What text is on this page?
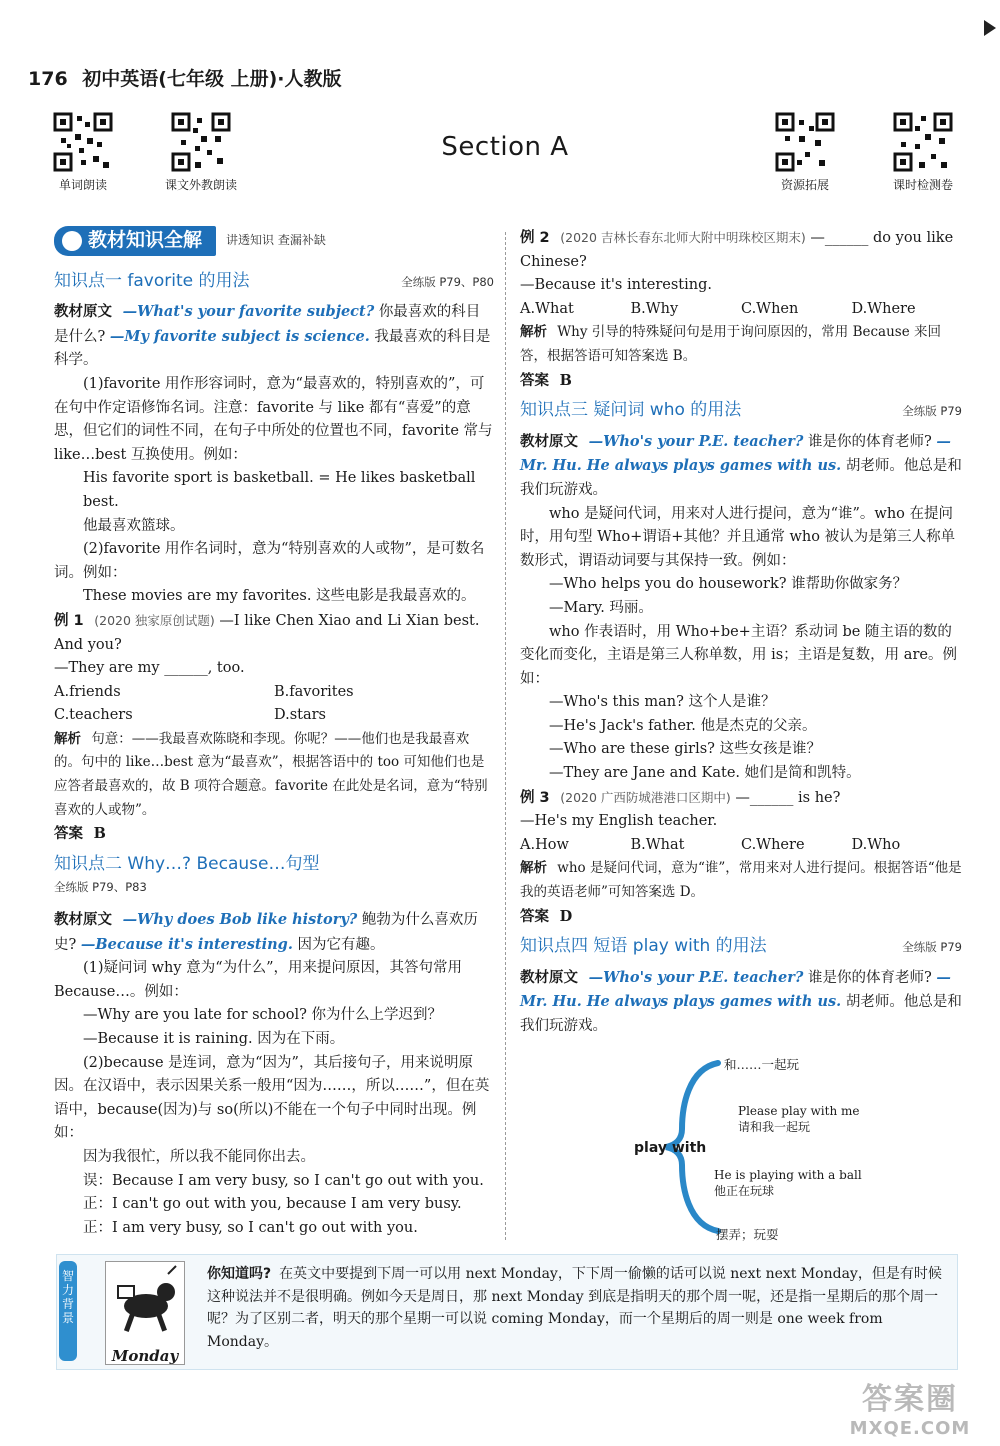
176 初中英语(七年级 上册)·人教版
单词朗读	课文外教朗读	资源拓展	课时检测卷
Section A
教材知识全解 讲透知识 查漏补缺
知识点一 favorite 的用法	全练版 P79、P80

教材原文 —What's your favorite subject? 你最喜欢的科目是什么? —My favorite subject is science. 我最喜欢的科目是科学。

(1)favorite 用作形容词时，意为“最喜欢的，特别喜欢的”，可在句中作定语修饰名词。注意：favorite 与 like 都有“喜爱”的意思，但它们的词性不同，在句子中所处的位置也不同，favorite 常与 like…best 互换使用。例如：

His favorite sport is basketball. = He likes basketball best.

他最喜欢篮球。

(2)favorite 用作名词时，意为“特别喜欢的人或物”，是可数名词。例如：

These movies are my favorites. 这些电影是我最喜欢的。

例 1 (2020 独家原创试题) —I like Chen Xiao and Li Xian best. And you?

—They are my ______, too.

A.friends	B.favorites
C.teachers	D.stars

解析 句意：——我最喜欢陈晓和李现。你呢？——他们也是我最喜欢的。句中的 like…best 意为“最喜欢”，根据答语中的 too 可知他们也是应答者最喜欢的，故 B 项符合题意。favorite 在此处是名词，意为“特别喜欢的人或物”。

答案 B

知识点二 Why…? Because…句型
全练版 P79、P83

教材原文 —Why does Bob like history? 鲍勃为什么喜欢历史? —Because it's interesting. 因为它有趣。

(1)疑问词 why 意为“为什么”，用来提问原因，其答句常用 Because…。例如：

—Why are you late for school? 你为什么上学迟到？

—Because it is raining. 因为在下雨。

(2)because 是连词，意为“因为”，其后接句子，用来说明原因。在汉语中，表示因果关系一般用“因为……，所以……”，但在英语中，because(因为)与 so(所以)不能在一个句子中同时出现。例如：

因为我很忙，所以我不能同你出去。

误：Because I am very busy, so I can't go out with you.

正：I can't go out with you, because I am very busy.

正：I am very busy, so I can't go out with you.

例 2 (2020 吉林长春东北师大附中明珠校区期末) —______ do you like Chinese?

—Because it's interesting.

A.What	B.Why	C.When	D.Where

解析 Why 引导的特殊疑问句是用于询问原因的，常用 Because 来回答，根据答语可知答案选 B。

答案 B

知识点三 疑问词 who 的用法	全练版 P79

教材原文 —Who's your P.E. teacher? 谁是你的体育老师? —Mr. Hu. He always plays games with us. 胡老师。他总是和我们玩游戏。

who 是疑问代词，用来对人进行提问，意为“谁”。who 在提问时，用句型 Who+谓语+其他？并且通常 who 被认为是第三人称单数形式，谓语动词要与其保持一致。例如：

—Who helps you do housework? 谁帮助你做家务？

—Mary. 玛丽。

who 作表语时，用 Who+be+主语？系动词 be 随主语的数的变化而变化，主语是第三人称单数，用 is；主语是复数，用 are。例如：

—Who's this man? 这个人是谁？

—He's Jack's father. 他是杰克的父亲。

—Who are these girls? 这些女孩是谁？

—They are Jane and Kate. 她们是简和凯特。

例 3 (2020 广西防城港港口区期中) —______ is he?

—He's my English teacher.

A.How	B.What	C.Where	D.Who

解析 who 是疑问代词，意为“谁”，常用来对人进行提问。根据答语“他是我的英语老师”可知答案选 D。

答案 D

知识点四 短语 play with 的用法	全练版 P79

教材原文 —Who's your P.E. teacher? 谁是你的体育老师? —Mr. Hu. He always plays games with us. 胡老师。他总是和我们玩游戏。

play with
和……一起玩
Please play with me
请和我一起玩
He is playing with a ball
他正在玩球
摆弄；玩耍
智力背景
Monday
你知道吗? 在英文中要提到下周一可以用 next Monday，下下周一偷懒的话可以说 next next Monday，但是有时候这种说法并不是很明确。例如今天是周日，那 next Monday 到底是指明天的那个周一呢，还是指一星期后的那个周一呢？为了区别二者，明天的那个星期一可以说 coming Monday，而一个星期后的周一则是 one week from Monday。
答案圈
MXQE.COM
